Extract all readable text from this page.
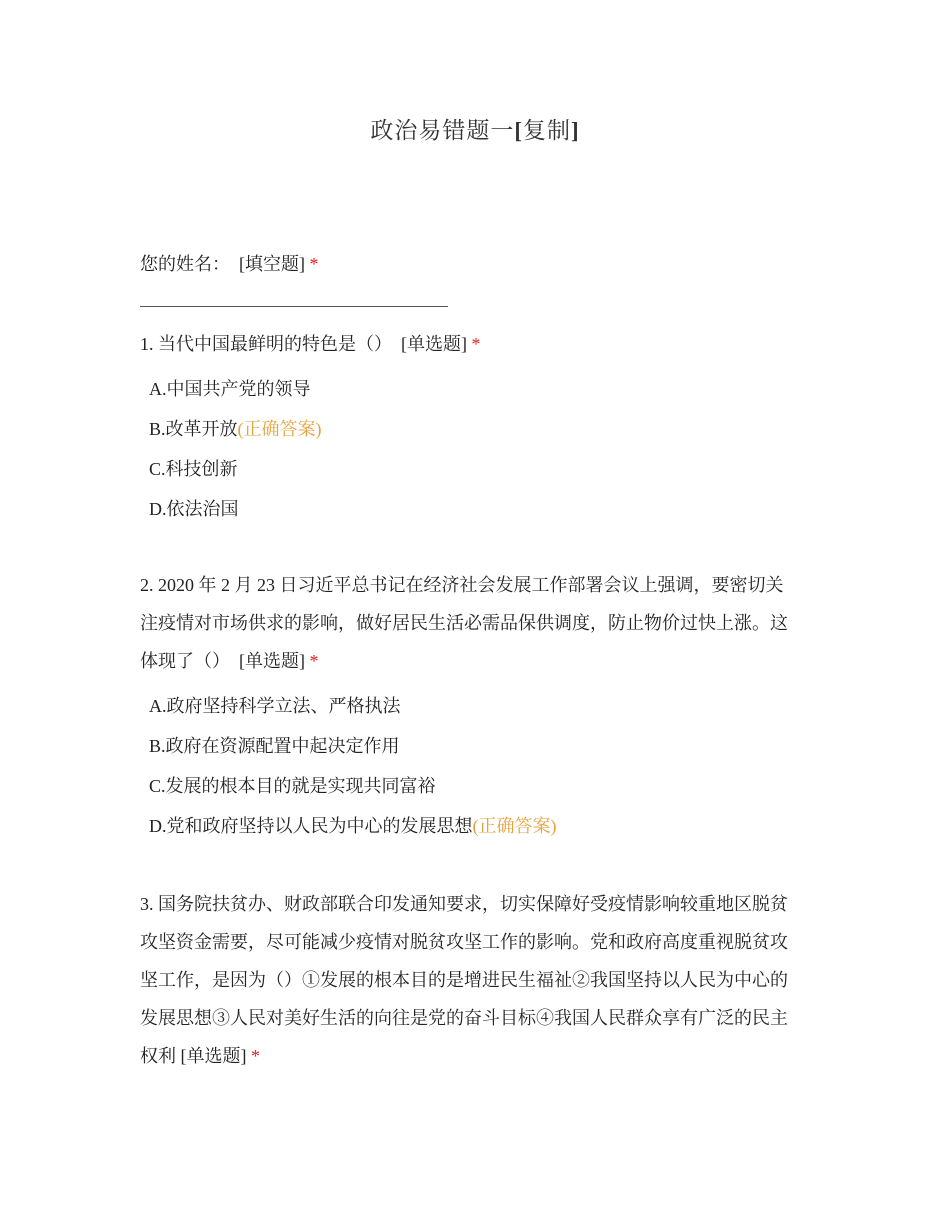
政治易错题一[复制]
您的姓名： [填空题] *
1. 当代中国最鲜明的特色是（） [单选题] *
A.中国共产党的领导
B.改革开放(正确答案)
C.科技创新
D.依法治国
2. 2020 年 2 月 23 日习近平总书记在经济社会发展工作部署会议上强调，要密切关
注疫情对市场供求的影响，做好居民生活必需品保供调度，防止物价过快上涨。这
体现了（） [单选题] *
A.政府坚持科学立法、严格执法
B.政府在资源配置中起决定作用
C.发展的根本目的就是实现共同富裕
D.党和政府坚持以人民为中心的发展思想(正确答案)
3. 国务院扶贫办、财政部联合印发通知要求，切实保障好受疫情影响较重地区脱贫
攻坚资金需要，尽可能减少疫情对脱贫攻坚工作的影响。党和政府高度重视脱贫攻
坚工作，是因为（）①发展的根本目的是增进民生福祉②我国坚持以人民为中心的
发展思想③人民对美好生活的向往是党的奋斗目标④我国人民群众享有广泛的民主
权利 [单选题] *
